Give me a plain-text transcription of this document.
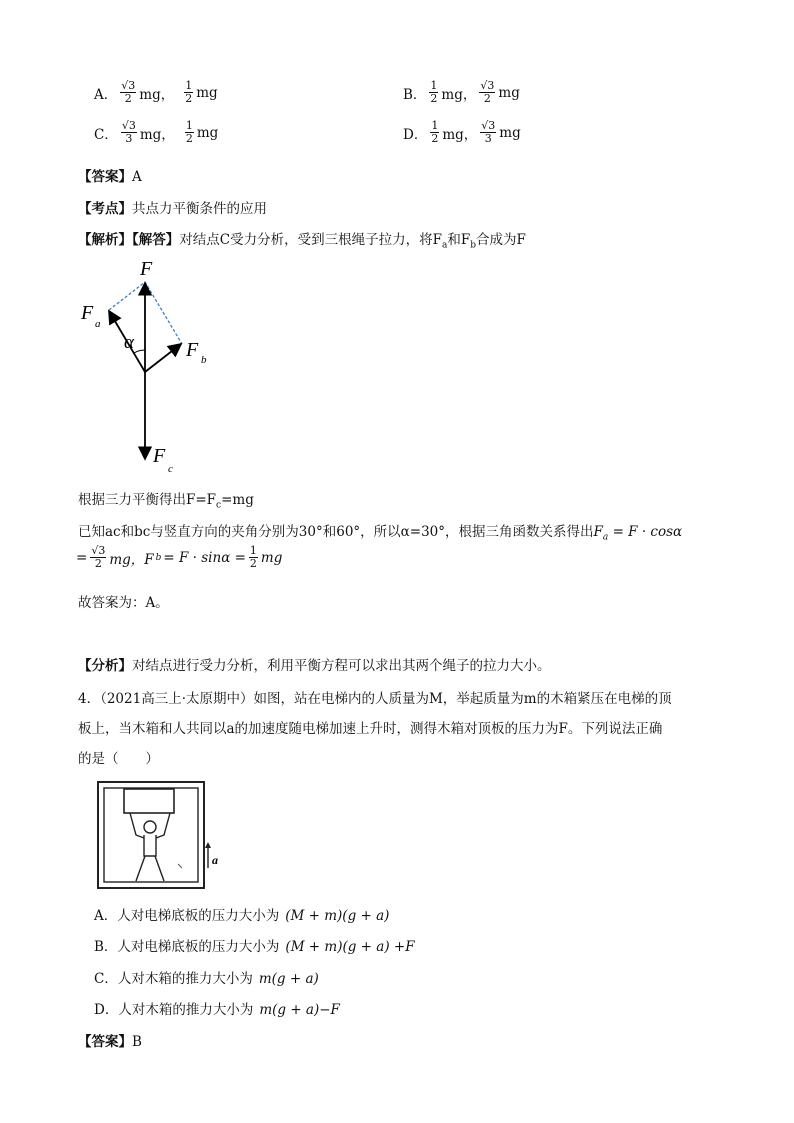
A． $\frac{√3}{2}$ mg， $\frac{1}{2}$ mg	B． $\frac{1}{2}$ mg， $\frac{√3}{2}$ mg
C． $\frac{√3}{3}$ mg， $\frac{1}{2}$ mg	D． $\frac{1}{2}$ mg， $\frac{√3}{3}$ mg
【答案】A
【考点】共点力平衡条件的应用
【解析】【解答】对结点C受力分析，受到三根绳子拉力，将$F_a$和$F_b$合成为F
F
F a
α	F b
F
c
根据三力平衡得出$F=F_c=mg$
已知ac和bc与竖直方向的夹角分别为30°和60°，所以α=30°，根据三角函数关系得出$F_a = F \cdot \cos\alpha$
= $\frac{√3}{2}$ mg，F $b = F \cdot \sin\alpha = \frac{1}{2}$ mg
故答案为：A。
【分析】对结点进行受力分析，利用平衡方程可以求出其两个绳子的拉力大小。
4．（2021高三上·太原期中）如图，站在电梯内的人质量为M，举起质量为m的木箱紧压在电梯的顶
板上，当木箱和人共同以a的加速度随电梯加速上升时，测得木箱对顶板的压力为F。下列说法正确
的是（　　）
a
A．人对电梯底板的压力大小为 (M + m)(g + a)
B．人对电梯底板的压力大小为 (M + m)(g + a) +F
C．人对木箱的推力大小为 m(g + a)
D．人对木箱的推力大小为 m(g + a)−F
【答案】B
